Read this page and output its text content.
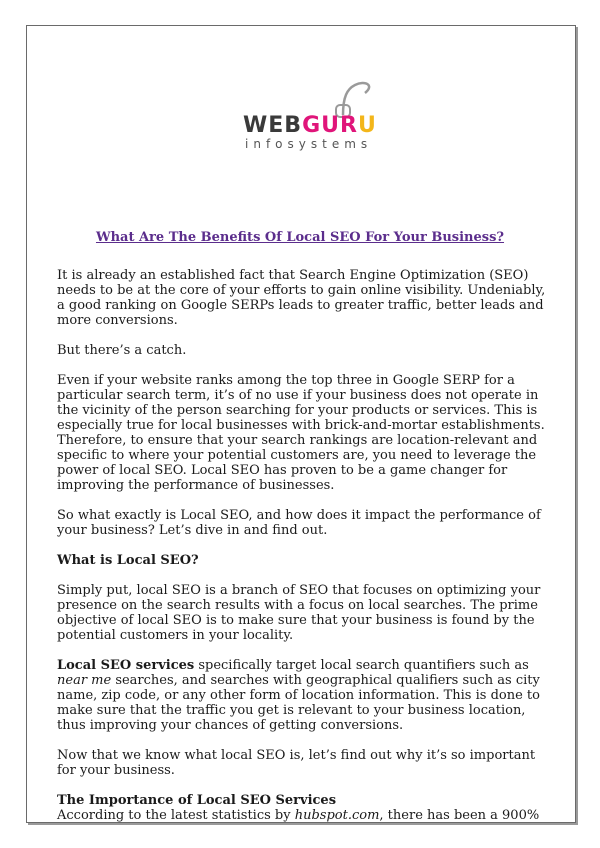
WEBGURU
infosystems
What Are The Benefits Of Local SEO For Your Business?

It is already an established fact that Search Engine Optimization (SEO) needs to be at the core of your efforts to gain online visibility. Undeniably, a good ranking on Google SERPs leads to greater traffic, better leads and more conversions.

But there’s a catch.

Even if your website ranks among the top three in Google SERP for a particular search term, it’s of no use if your business does not operate in the vicinity of the person searching for your products or services. This is especially true for local businesses with brick-and-mortar establishments. Therefore, to ensure that your search rankings are location-relevant and specific to where your potential customers are, you need to leverage the power of local SEO. Local SEO has proven to be a game changer for improving the performance of businesses.

So what exactly is Local SEO, and how does it impact the performance of your business? Let’s dive in and find out.

What is Local SEO?

Simply put, local SEO is a branch of SEO that focuses on optimizing your presence on the search results with a focus on local searches. The prime objective of local SEO is to make sure that your business is found by the potential customers in your locality.

Local SEO services specifically target local search quantifiers such as near me searches, and searches with geographical qualifiers such as city name, zip code, or any other form of location information. This is done to make sure that the traffic you get is relevant to your business location, thus improving your chances of getting conversions.

Now that we know what local SEO is, let’s find out why it’s so important for your business.

The Importance of Local SEO Services

According to the latest statistics by hubspot.com, there has been a 900%
